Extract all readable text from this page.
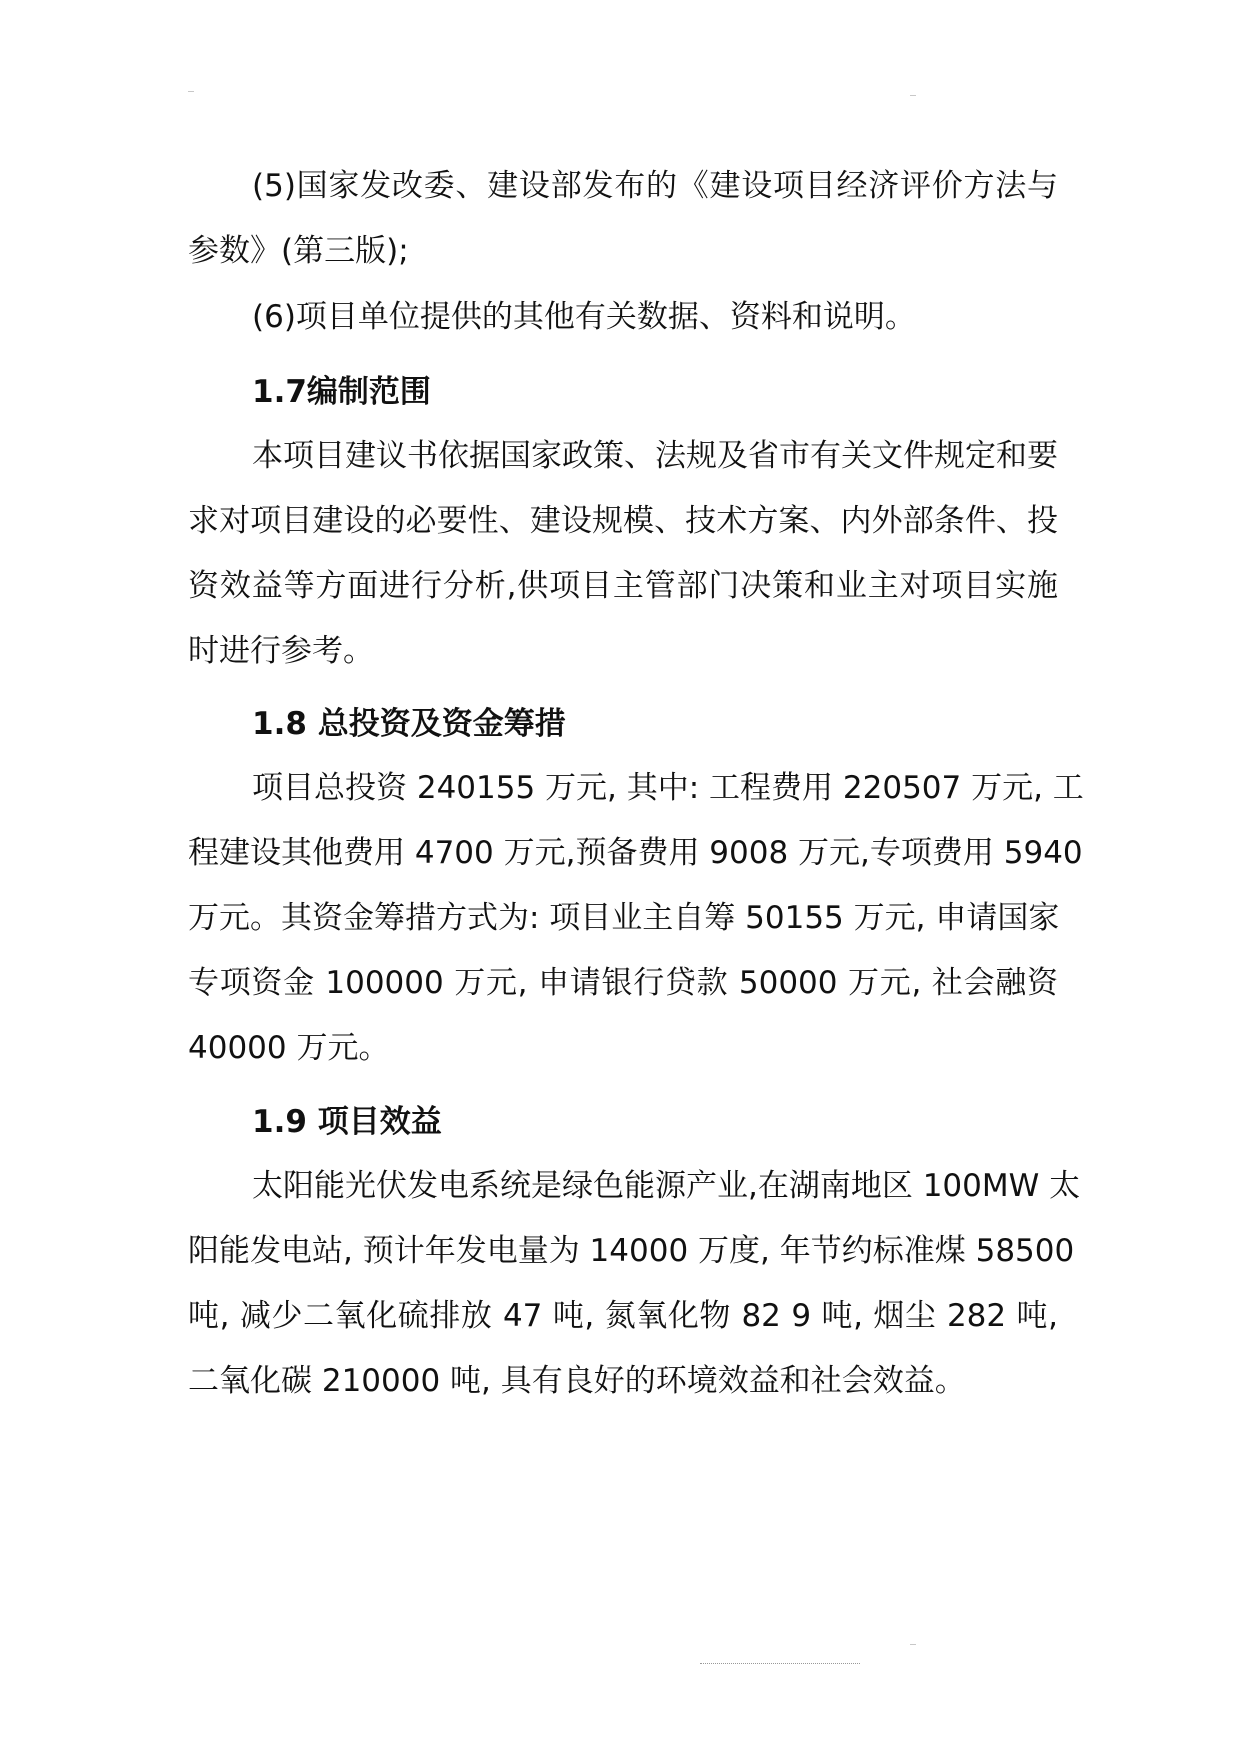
(5)国家发改委、建设部发布的《建设项目经济评价方法与
参数》(第三版);
(6)项目单位提供的其他有关数据、资料和说明。
1.7编制范围
本项目建议书依据国家政策、法规及省市有关文件规定和要
求对项目建设的必要性、建设规模、技术方案、内外部条件、投
资效益等方面进行分析,供项目主管部门决策和业主对项目实施
时进行参考。
1.8 总投资及资金筹措
项目总投资 240155 万元, 其中: 工程费用 220507 万元, 工
程建设其他费用 4700 万元,预备费用 9008 万元,专项费用 5940
万元。其资金筹措方式为: 项目业主自筹 50155 万元, 申请国家
专项资金 100000 万元, 申请银行贷款 50000 万元, 社会融资
40000 万元。
1.9 项目效益
太阳能光伏发电系统是绿色能源产业,在湖南地区 100MW 太
阳能发电站, 预计年发电量为 14000 万度, 年节约标准煤 58500
吨, 减少二氧化硫排放 47 吨, 氮氧化物 82 9 吨, 烟尘 282 吨,
二氧化碳 210000 吨, 具有良好的环境效益和社会效益。
